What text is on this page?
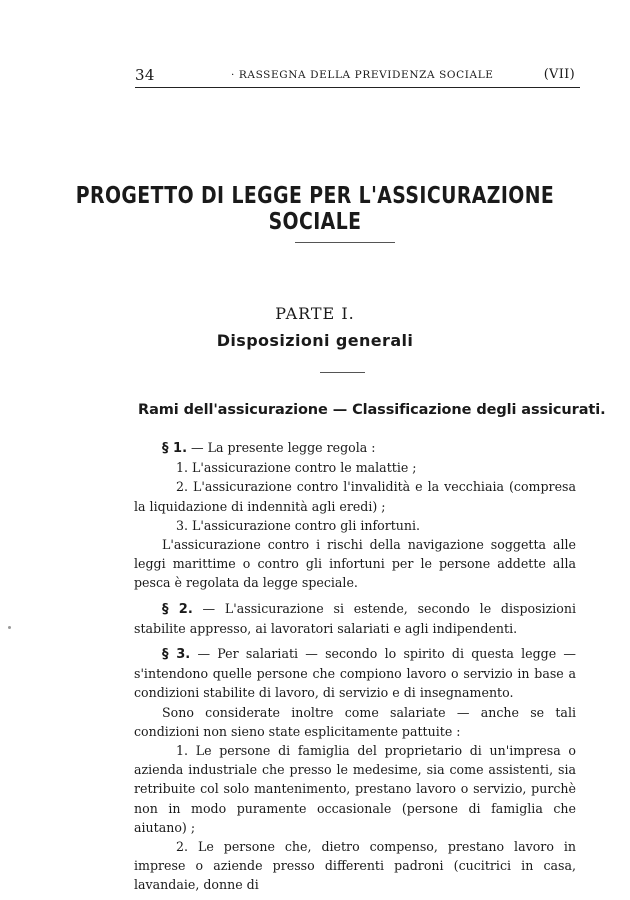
34	· RASSEGNA DELLA PREVIDENZA SOCIALE	(VII)
PROGETTO DI LEGGE PER L'ASSICURAZIONE SOCIALE
PARTE I.
Disposizioni generali
Rami dell'assicurazione — Classificazione degli assicurati.

§ 1. — La presente legge regola :

1. L'assicurazione contro le malattie ;

2. L'assicurazione contro l'invalidità e la vecchiaia (compresa la liquidazione di indennità agli eredi) ;

3. L'assicurazione contro gli infortuni.

L'assicurazione contro i rischi della navigazione soggetta alle leggi marittime o contro gli infortuni per le persone addette alla pesca è regolata da legge speciale.

§ 2. — L'assicurazione si estende, secondo le disposizioni stabilite appresso, ai lavoratori salariati e agli indipendenti.

§ 3. — Per salariati — secondo lo spirito di questa legge — s'intendono quelle persone che compiono lavoro o servizio in base a condizioni stabilite di lavoro, di servizio e di insegnamento.

Sono considerate inoltre come salariate — anche se tali condizioni non sieno state esplicitamente pattuite :

1. Le persone di famiglia del proprietario di un'impresa o azienda industriale che presso le medesime, sia come assistenti, sia retribuite col solo mantenimento, prestano lavoro o servizio, purchè non in modo puramente occasionale (persone di famiglia che aiutano) ;

2. Le persone che, dietro compenso, prestano lavoro in imprese o aziende presso differenti padroni (cucitrici in casa, lavandaie, donne di
